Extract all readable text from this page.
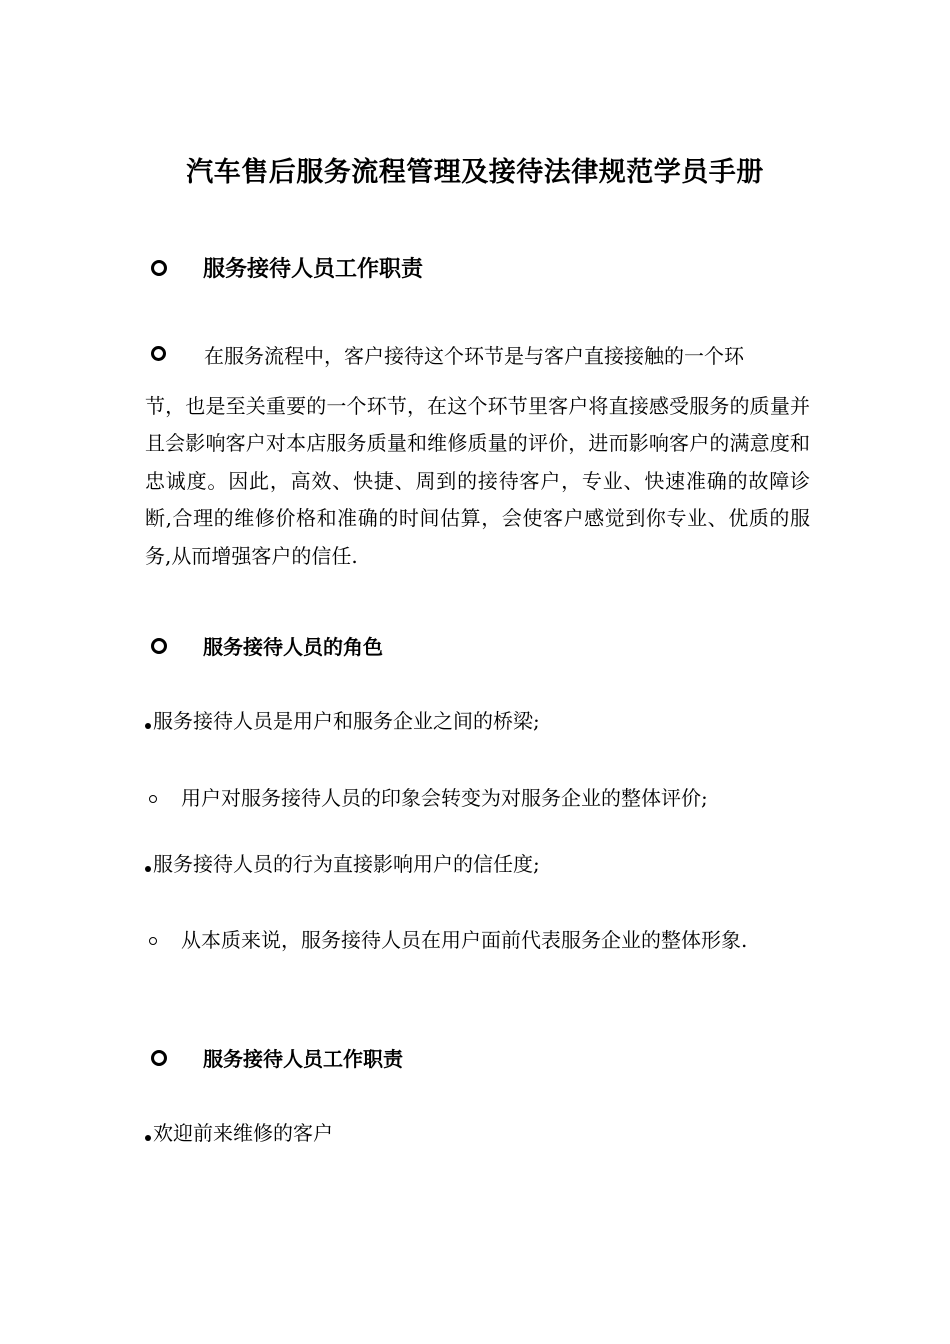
汽车售后服务流程管理及接待法律规范学员手册
服务接待人员工作职责
在服务流程中，客户接待这个环节是与客户直接接触的一个环
节，也是至关重要的一个环节，在这个环节里客户将直接感受服务的质量并且会影响客户对本店服务质量和维修质量的评价，进而影响客户的满意度和忠诚度。因此，高效、快捷、周到的接待客户，专业、快速准确的故障诊断,合理的维修价格和准确的时间估算，会使客户感觉到你专业、优质的服务,从而增强客户的信任.
服务接待人员的角色
服务接待人员是用户和服务企业之间的桥梁;
用户对服务接待人员的印象会转变为对服务企业的整体评价;
服务接待人员的行为直接影响用户的信任度;
从本质来说，服务接待人员在用户面前代表服务企业的整体形象.
服务接待人员工作职责
欢迎前来维修的客户
